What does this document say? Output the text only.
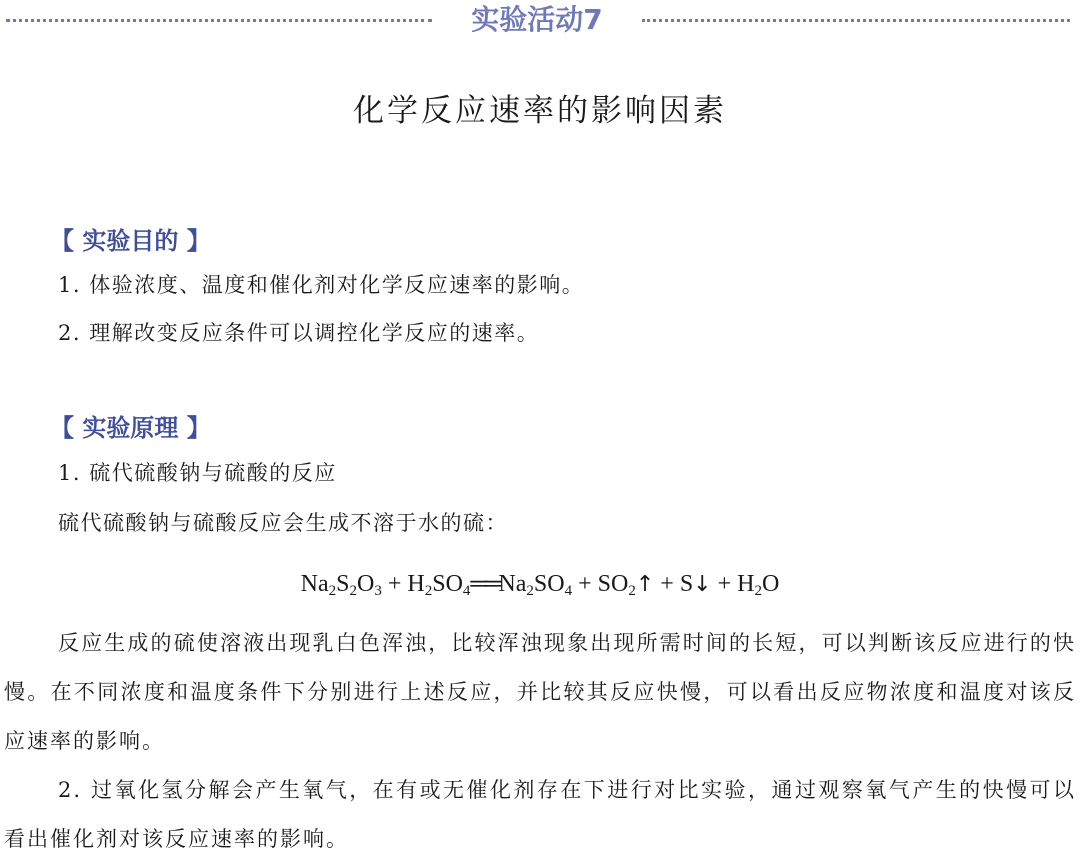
实验活动7
化学反应速率的影响因素
【 实验目的 】
1. 体验浓度、温度和催化剂对化学反应速率的影响。
2. 理解改变反应条件可以调控化学反应的速率。
【 实验原理 】
1. 硫代硫酸钠与硫酸的反应
硫代硫酸钠与硫酸反应会生成不溶于水的硫：
$Na_2S_2O_3$ + $H_2SO_4══Na_2SO_4$ + $SO_2↑$ + S↓ + $H_2O$
反应生成的硫使溶液出现乳白色浑浊，比较浑浊现象出现所需时间的长短，可以判断该反应进行的快慢。在不同浓度和温度条件下分别进行上述反应，并比较其反应快慢，可以看出反应物浓度和温度对该反应速率的影响。
2. 过氧化氢分解会产生氧气，在有或无催化剂存在下进行对比实验，通过观察氧气产生的快慢可以看出催化剂对该反应速率的影响。
